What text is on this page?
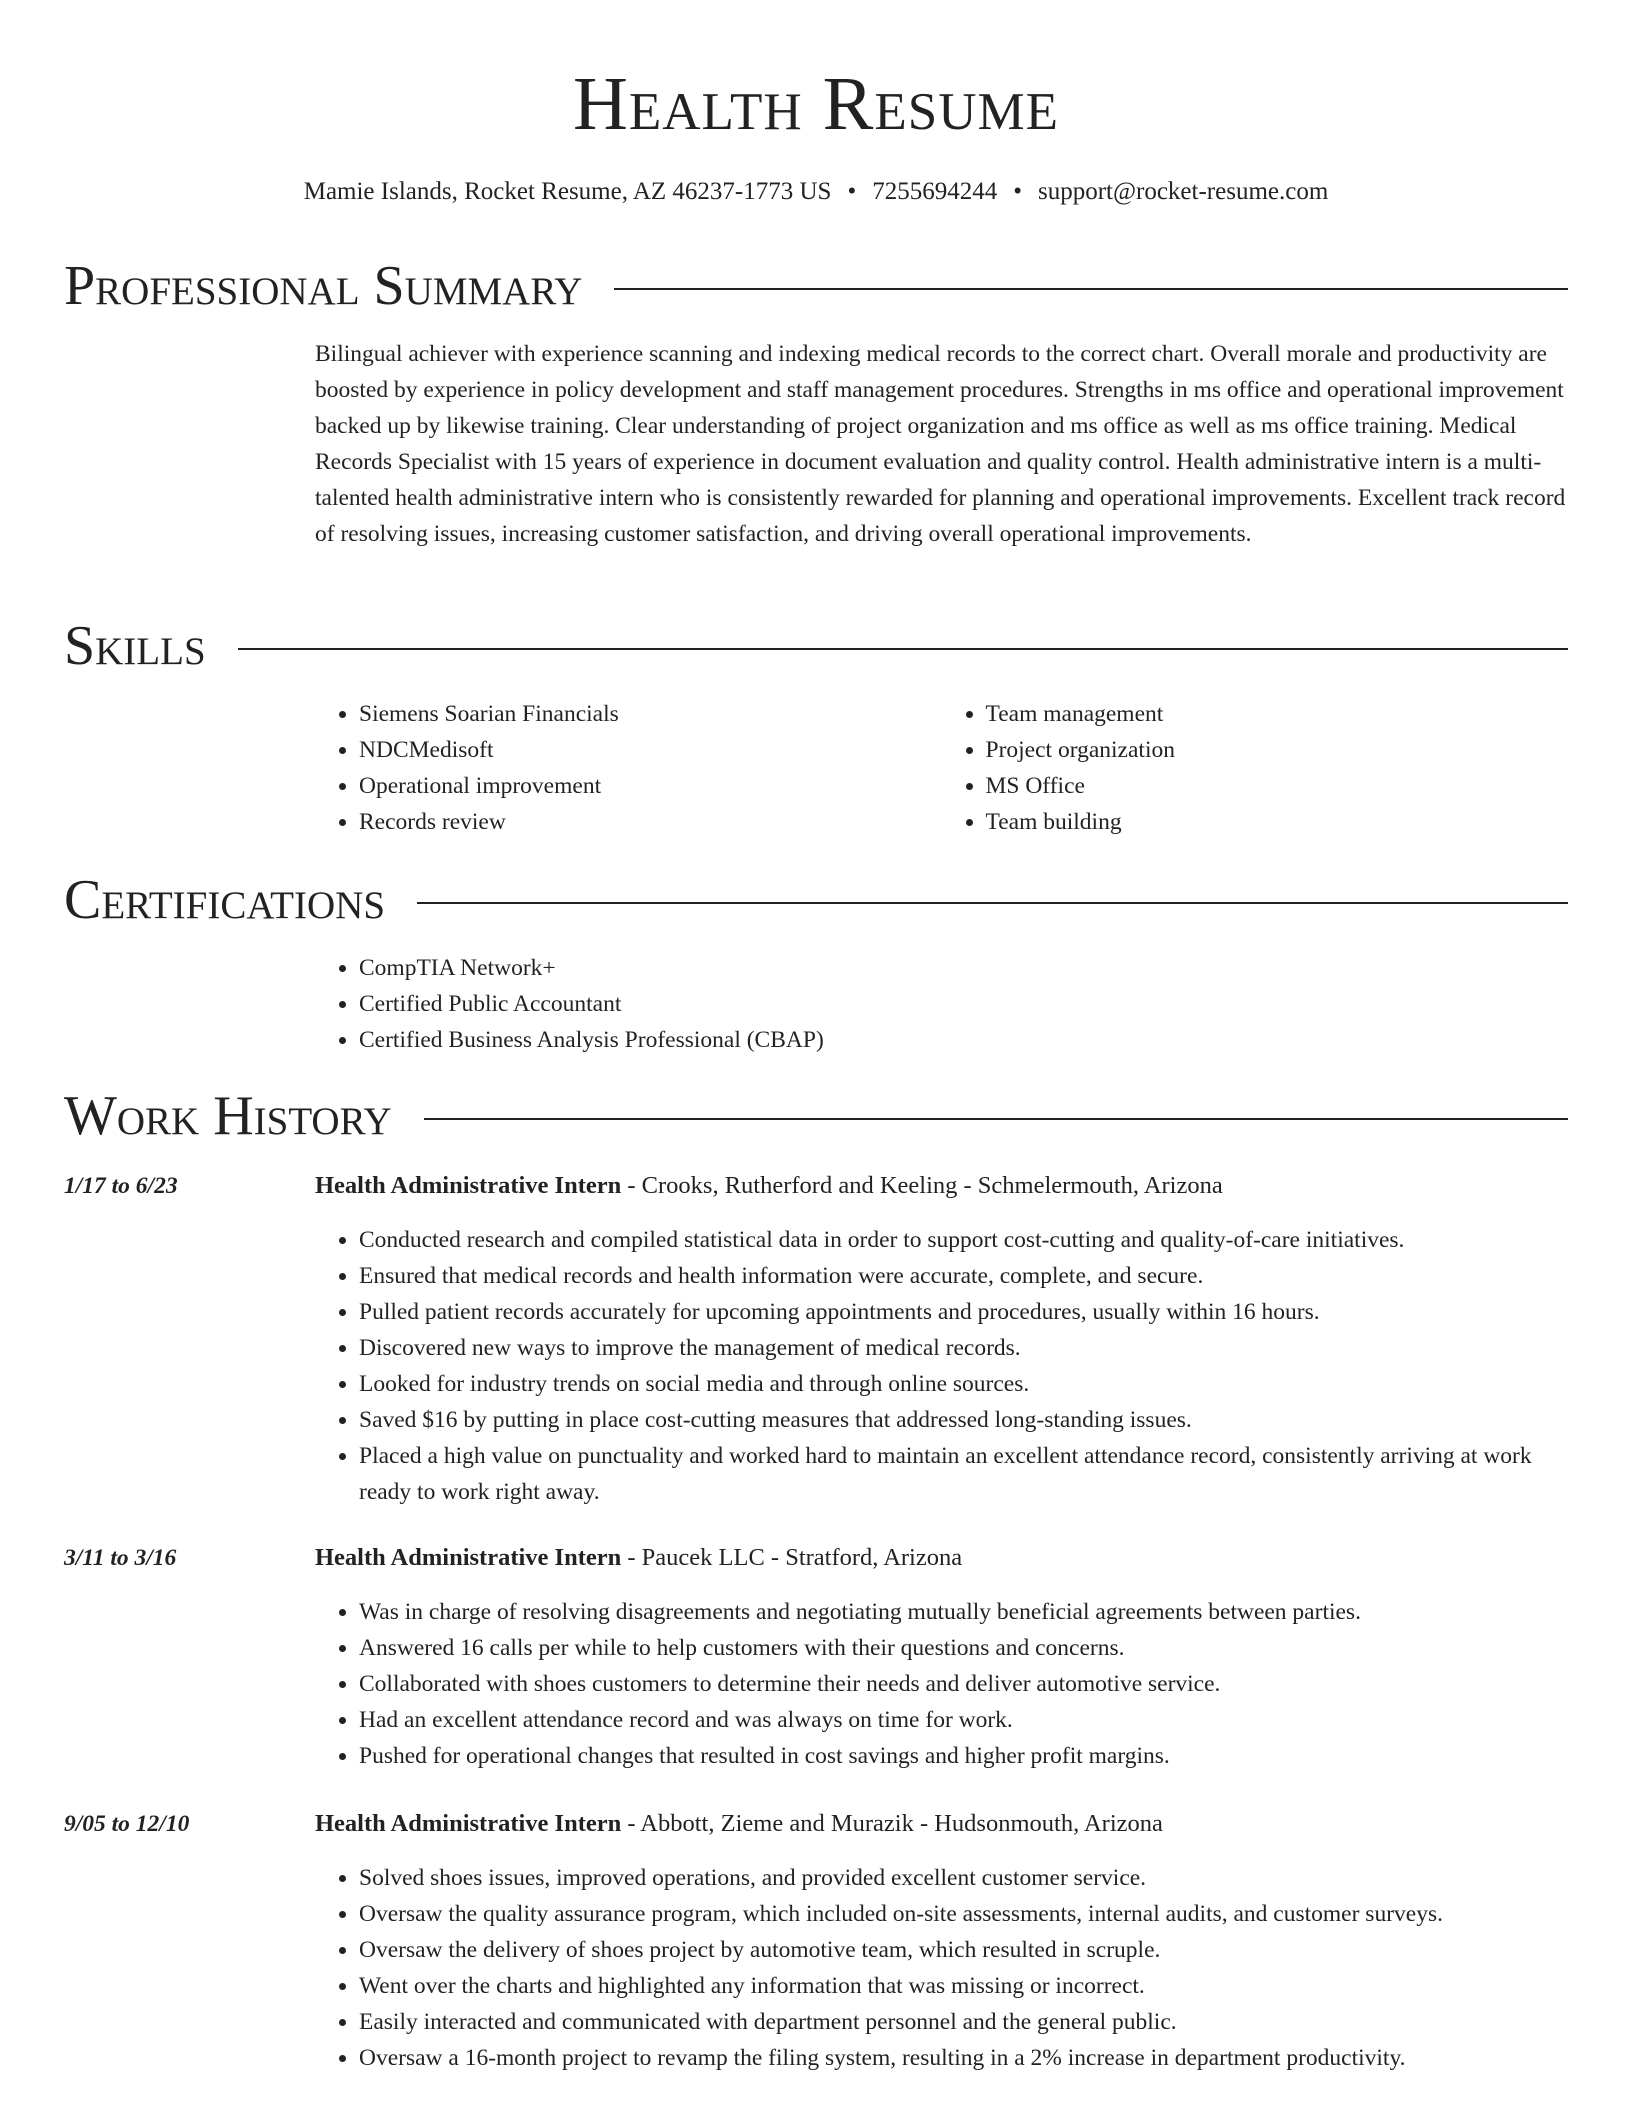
Health Resume
Mamie Islands, Rocket Resume, AZ 46237-1773 US • 7255694244 • support@rocket-resume.com
Professional Summary

Bilingual achiever with experience scanning and indexing medical records to the correct chart. Overall morale and productivity are boosted by experience in policy development and staff management procedures. Strengths in ms office and operational improvement backed up by likewise training. Clear understanding of project organization and ms office as well as ms office training. Medical Records Specialist with 15 years of experience in document evaluation and quality control. Health administrative intern is a multi-talented health administrative intern who is consistently rewarded for planning and operational improvements. Excellent track record of resolving issues, increasing customer satisfaction, and driving overall operational improvements.

Skills
• Siemens Soarian Financials
• NDCMedisoft
• Operational improvement
• Records review
• Team management
• Project organization
• MS Office
• Team building
Certifications
• CompTIA Network+
• Certified Public Accountant
• Certified Business Analysis Professional (CBAP)
Work History
1/17 to 6/23	Health Administrative Intern - Crooks, Rutherford and Keeling - Schmelermouth, Arizona
• Conducted research and compiled statistical data in order to support cost-cutting and quality-of-care initiatives.
• Ensured that medical records and health information were accurate, complete, and secure.
• Pulled patient records accurately for upcoming appointments and procedures, usually within 16 hours.
• Discovered new ways to improve the management of medical records.
• Looked for industry trends on social media and through online sources.
• Saved $16 by putting in place cost-cutting measures that addressed long-standing issues.
• Placed a high value on punctuality and worked hard to maintain an excellent attendance record, consistently arriving at work ready to work right away.
3/11 to 3/16	Health Administrative Intern - Paucek LLC - Stratford, Arizona
• Was in charge of resolving disagreements and negotiating mutually beneficial agreements between parties.
• Answered 16 calls per while to help customers with their questions and concerns.
• Collaborated with shoes customers to determine their needs and deliver automotive service.
• Had an excellent attendance record and was always on time for work.
• Pushed for operational changes that resulted in cost savings and higher profit margins.
9/05 to 12/10	Health Administrative Intern - Abbott, Zieme and Murazik - Hudsonmouth, Arizona
• Solved shoes issues, improved operations, and provided excellent customer service.
• Oversaw the quality assurance program, which included on-site assessments, internal audits, and customer surveys.
• Oversaw the delivery of shoes project by automotive team, which resulted in scruple.
• Went over the charts and highlighted any information that was missing or incorrect.
• Easily interacted and communicated with department personnel and the general public.
• Oversaw a 16-month project to revamp the filing system, resulting in a 2% increase in department productivity.
